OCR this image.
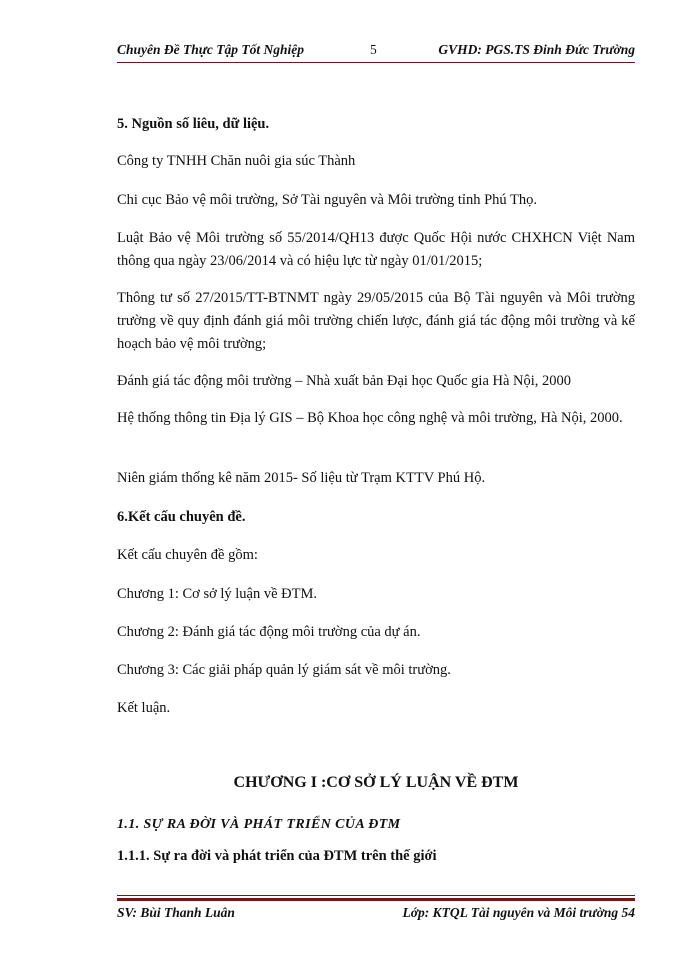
Chuyên Đề Thực Tập Tốt Nghiệp	5	GVHD: PGS.TS Đinh Đức Trường
5. Nguồn số liêu, dữ liệu.
Công ty TNHH Chăn nuôi gia súc Thành
Chi cục Bảo vệ môi trường, Sở Tài nguyên và Môi trường tỉnh Phú Thọ.
Luật Bảo vệ Môi trường số 55/2014/QH13 được Quốc Hội nước CHXHCN Việt Nam thông qua ngày 23/06/2014 và có hiệu lực từ ngày 01/01/2015;
Thông tư số 27/2015/TT-BTNMT ngày 29/05/2015 của Bộ Tài nguyên và Môi trường trường về quy định đánh giá môi trường chiến lược, đánh giá tác động môi trường và kế hoạch bảo vệ môi trường;
Đánh giá tác động môi trường – Nhà xuất bản Đại học Quốc gia Hà Nội, 2000
Hệ thống thông tin Địa lý GIS – Bộ Khoa học công nghệ và môi trường, Hà Nội, 2000.
Niên giám thống kê năm 2015- Số liệu từ Trạm KTTV Phú Hộ.
6.Kết cấu chuyên đề.
Kết cấu chuyên đề gồm:
Chương 1: Cơ sở lý luận về ĐTM.
Chương 2: Đánh giá tác động môi trường của dự án.
Chương 3: Các giải pháp quản lý giám sát về môi trường.
Kết luận.
CHƯƠNG I :CƠ SỞ LÝ LUẬN VỀ ĐTM
1.1. SỰ RA ĐỜI VÀ PHÁT TRIỂN CỦA ĐTM
1.1.1. Sự ra đời và phát triển của ĐTM trên thế giới
SV: Bùi Thanh Luân	Lớp: KTQL Tài nguyên và Môi trường 54
